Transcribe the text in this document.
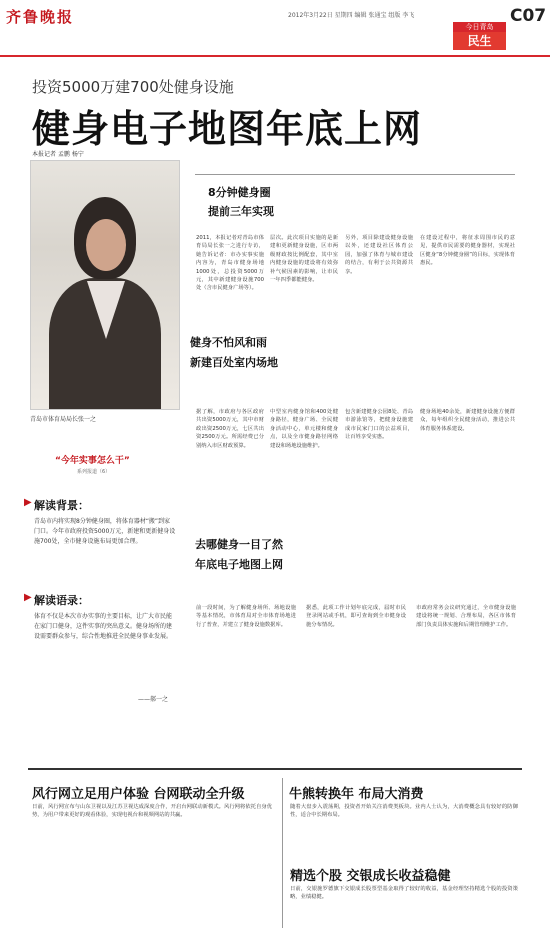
齐鲁晚报	2012年3月22日 星期四 编辑 张通宝 组版 李飞
今日青岛
民生
C07
投资5000万建700处健身设施
健身电子地图年底上网
本报记者 孟鹏 杨宁
青岛市体育局局长张一之
8分钟健身圈
提前三年实现
2011，本报记者对青岛市体育局局长张一之进行专访，她告诉记者：市办实事实施内容为，青岛市健身场地1000处，总投资5000万元，其中新建健身设施700处（含市民健身广场等）。
层次。此次项目实施的是新建和更新健身设施，区市两级财政按比例配套，其中室内健身设施的建设将有效弥补气候因素的影响，让市民一年四季都能健身。
另外，项目除建设健身设施以外，还建设社区体育公园，加强了体育与城市建设的结合，有利于公共资源共享。
在建设过程中，将征求周围市民的意见，提供市民需要的健身器材，实现社区健身“8分钟健身圈”的目标，实现体育惠民。
健身不怕风和雨
新建百处室内场地
据了解，市政府与各区政府共出资5000万元，其中市财政出资2500万元，七区共出资2500万元。所需经费已分别纳入市区财政预算。
中型室内健身馆和400处健身路径，健身广场、全民健身活动中心，单元楼和健身点，以及全市健身路径网络建设和场地设施维护。
包含新建健身公园8处、青岛市游泳馆等，把健身设施建成市民家门口的公益项目，让百姓享受实惠。
健身场地40余处，新建健身设施方便群众，每年组织全民健身活动，推进公共体育服务体系建设。
去哪健身一目了然
年底电子地图上网
前一段时间，为了解健身场所、场地设施等基本情况，市体育局对全市体育场地进行了普查，并建立了健身设施数据库。
据悉，此项工作计划年底完成，届时市民登录网站或手机，即可查询到全市健身设施分布情况。
市政府常务会议研究通过，全市健身设施建设将统一规划、合理布局，各区市体育部门负责具体实施和后期管理维护工作。
“今年实事怎么干”
系列报道（6）
▶ 解读背景：
青岛市内将实现8分钟健身圈，将体育器材“搬”到家门口。今年市政府投资5000万元，新建和更新健身设施700处，全市健身设施布局更加合理。
▶ 解读语录：
体育不仅是本次市办实事的主要目标，让广大市民能在家门口健身，这件实事的突出意义。健身场所的建设需要群众参与，综合性地推进全民健身事业发展。
——郝一之
风行网立足用户体验 台网联动全升级
日前，风行网宣布与山东卫视以及江苏卫视达成深度合作，开启台网联动新模式。风行网将依托自身优势，为用户带来更好的观看体验，实现电视台和视频网站的共赢。
牛熊转换年 布局大消费
随着大盘步入震荡期，投资者开始关注消费类板块。业内人士认为，大消费概念具有较好的防御性，适合中长期布局。
精选个股 交银成长收益稳健
日前，交银施罗德旗下交银成长股票型基金取得了较好的收益，基金经理坚持精选个股的投资策略，业绩稳健。
